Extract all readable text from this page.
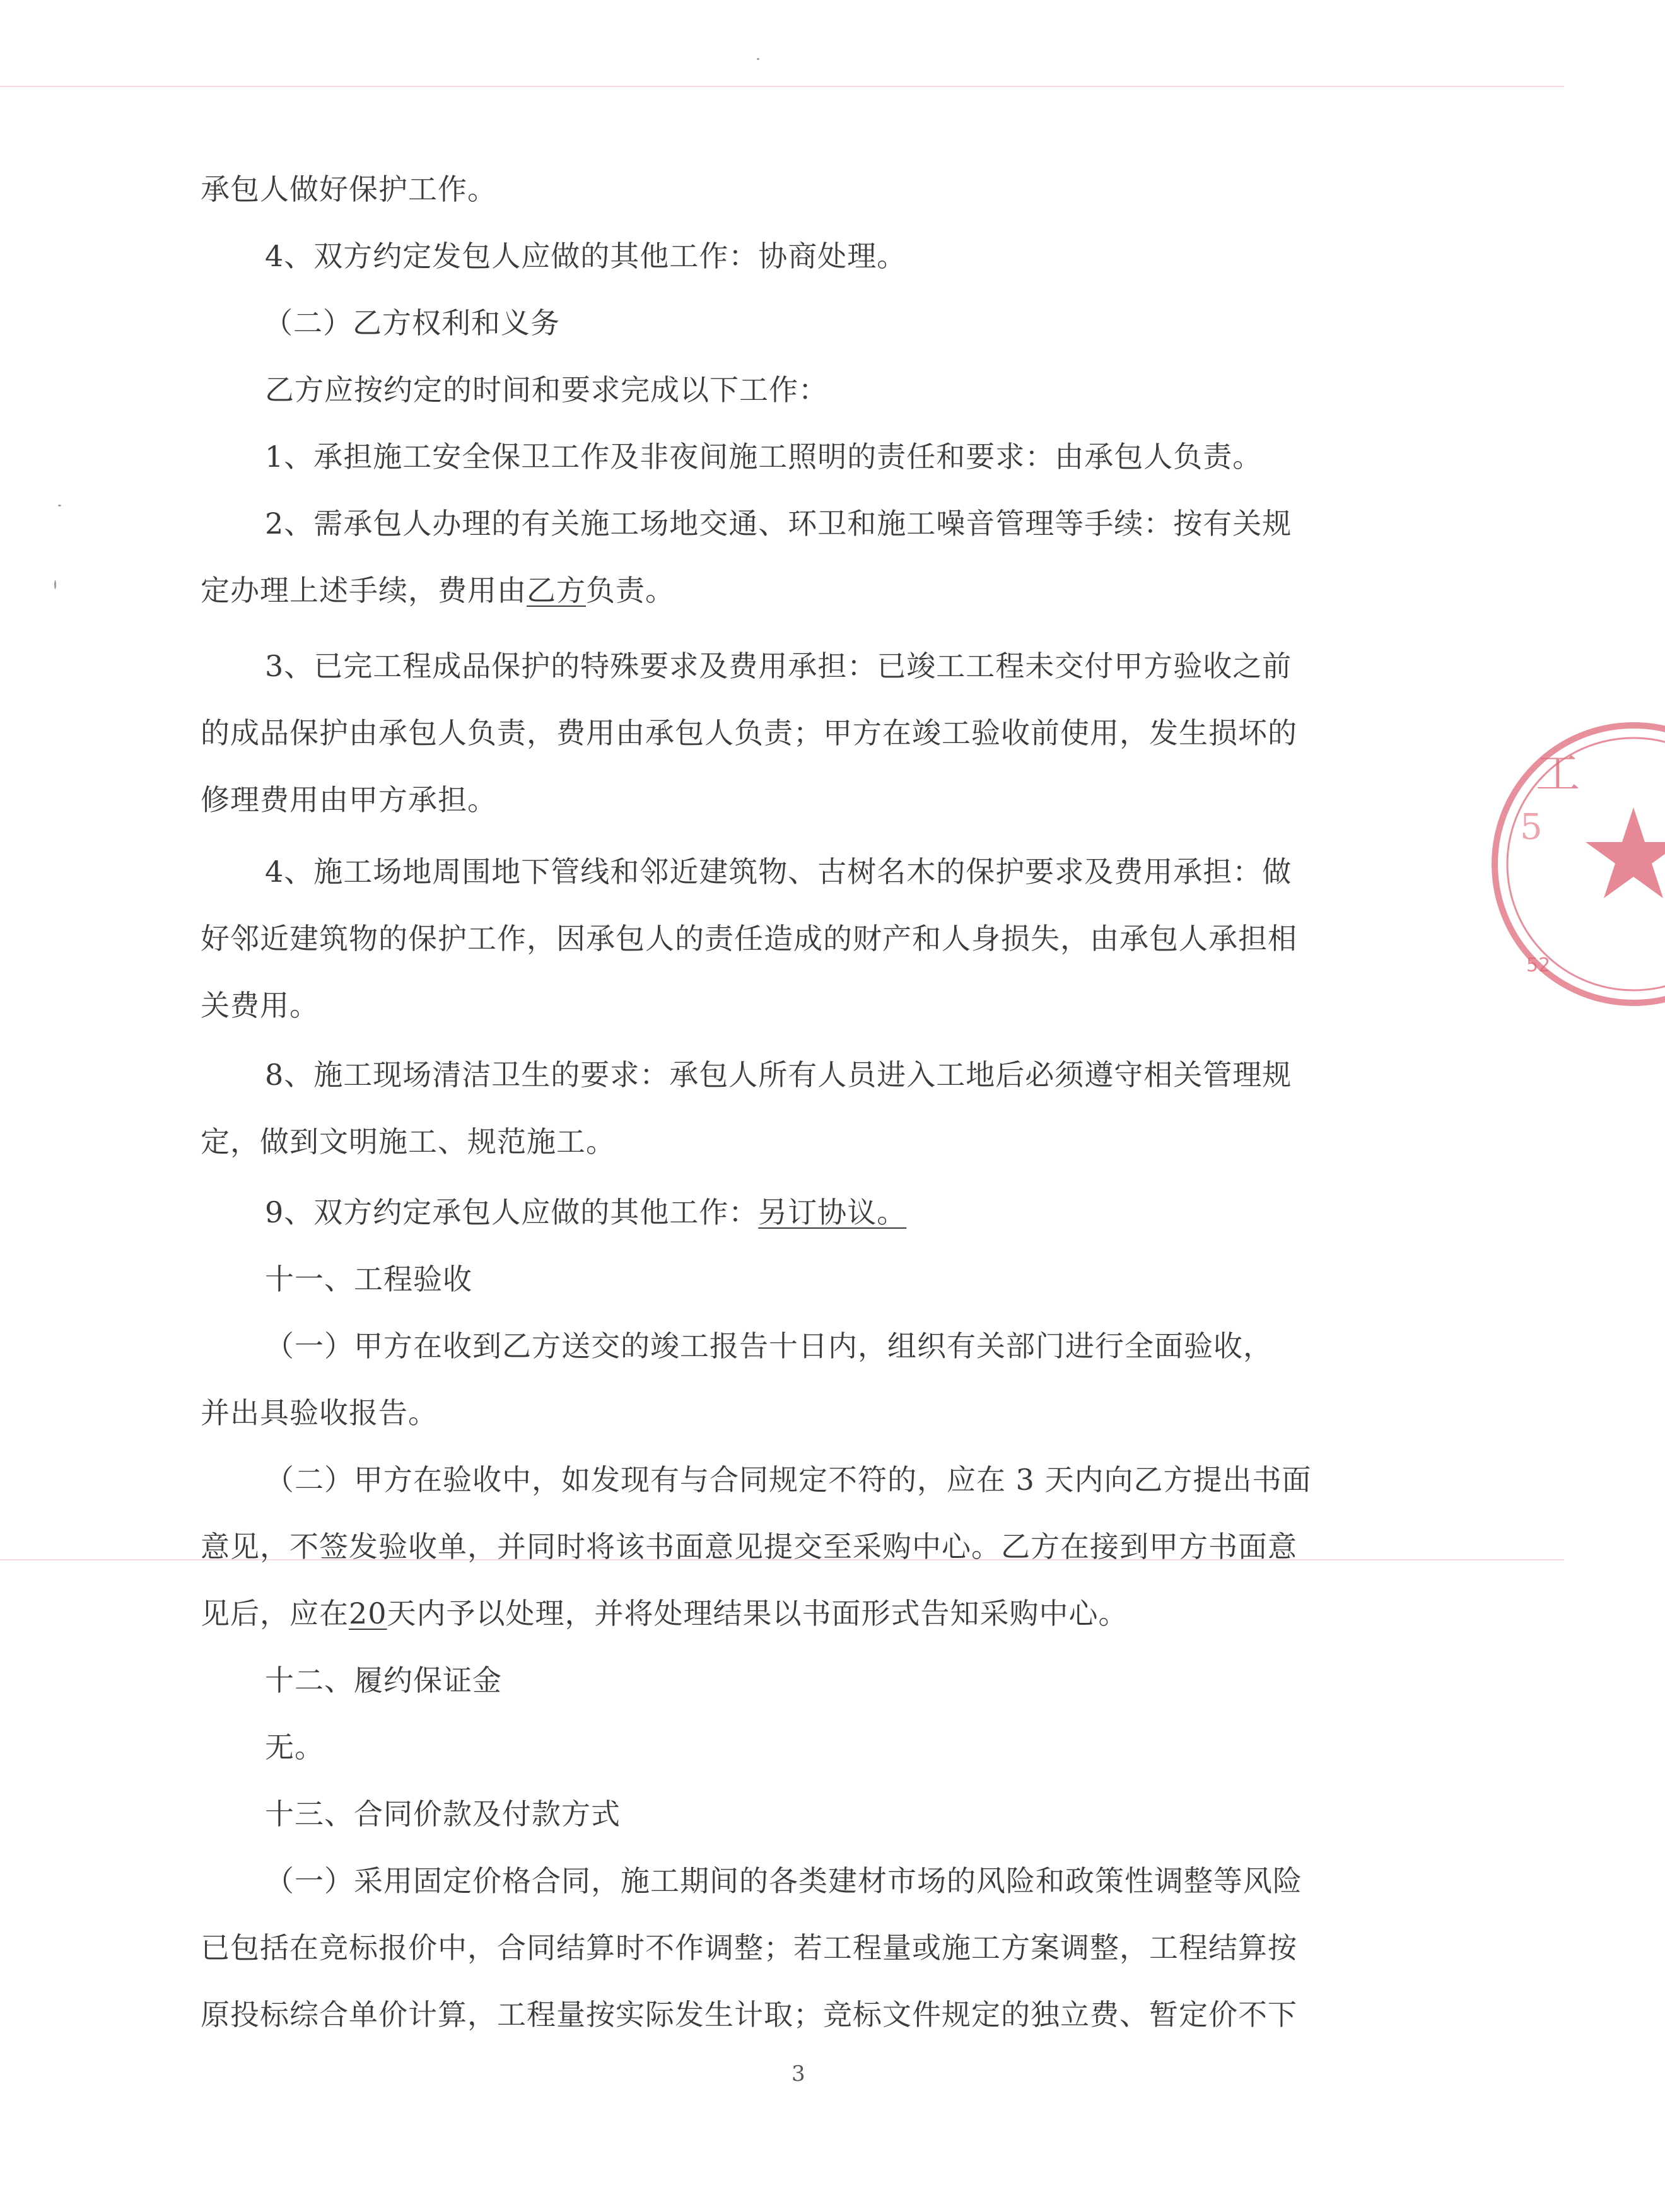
承包人做好保护工作。
4、双方约定发包人应做的其他工作：协商处理。
（二）乙方权利和义务
乙方应按约定的时间和要求完成以下工作：
1、承担施工安全保卫工作及非夜间施工照明的责任和要求：由承包人负责。
2、需承包人办理的有关施工场地交通、环卫和施工噪音管理等手续：按有关规
定办理上述手续，费用由乙方负责。
3、已完工程成品保护的特殊要求及费用承担：已竣工工程未交付甲方验收之前
的成品保护由承包人负责，费用由承包人负责；甲方在竣工验收前使用，发生损坏的
修理费用由甲方承担。
4、施工场地周围地下管线和邻近建筑物、古树名木的保护要求及费用承担：做
好邻近建筑物的保护工作，因承包人的责任造成的财产和人身损失，由承包人承担相
关费用。
8、施工现场清洁卫生的要求：承包人所有人员进入工地后必须遵守相关管理规
定，做到文明施工、规范施工。
9、双方约定承包人应做的其他工作：另订协议。
十一、工程验收
（一）甲方在收到乙方送交的竣工报告十日内，组织有关部门进行全面验收，
并出具验收报告。
（二）甲方在验收中，如发现有与合同规定不符的，应在 3 天内向乙方提出书面
意见，不签发验收单，并同时将该书面意见提交至采购中心。乙方在接到甲方书面意
见后，应在20天内予以处理，并将处理结果以书面形式告知采购中心。
十二、履约保证金
无。
十三、合同价款及付款方式
（一）采用固定价格合同，施工期间的各类建材市场的风险和政策性调整等风险
已包括在竞标报价中，合同结算时不作调整；若工程量或施工方案调整，工程结算按
原投标综合单价计算，工程量按实际发生计取；竞标文件规定的独立费、暂定价不下
3
工
5
52
